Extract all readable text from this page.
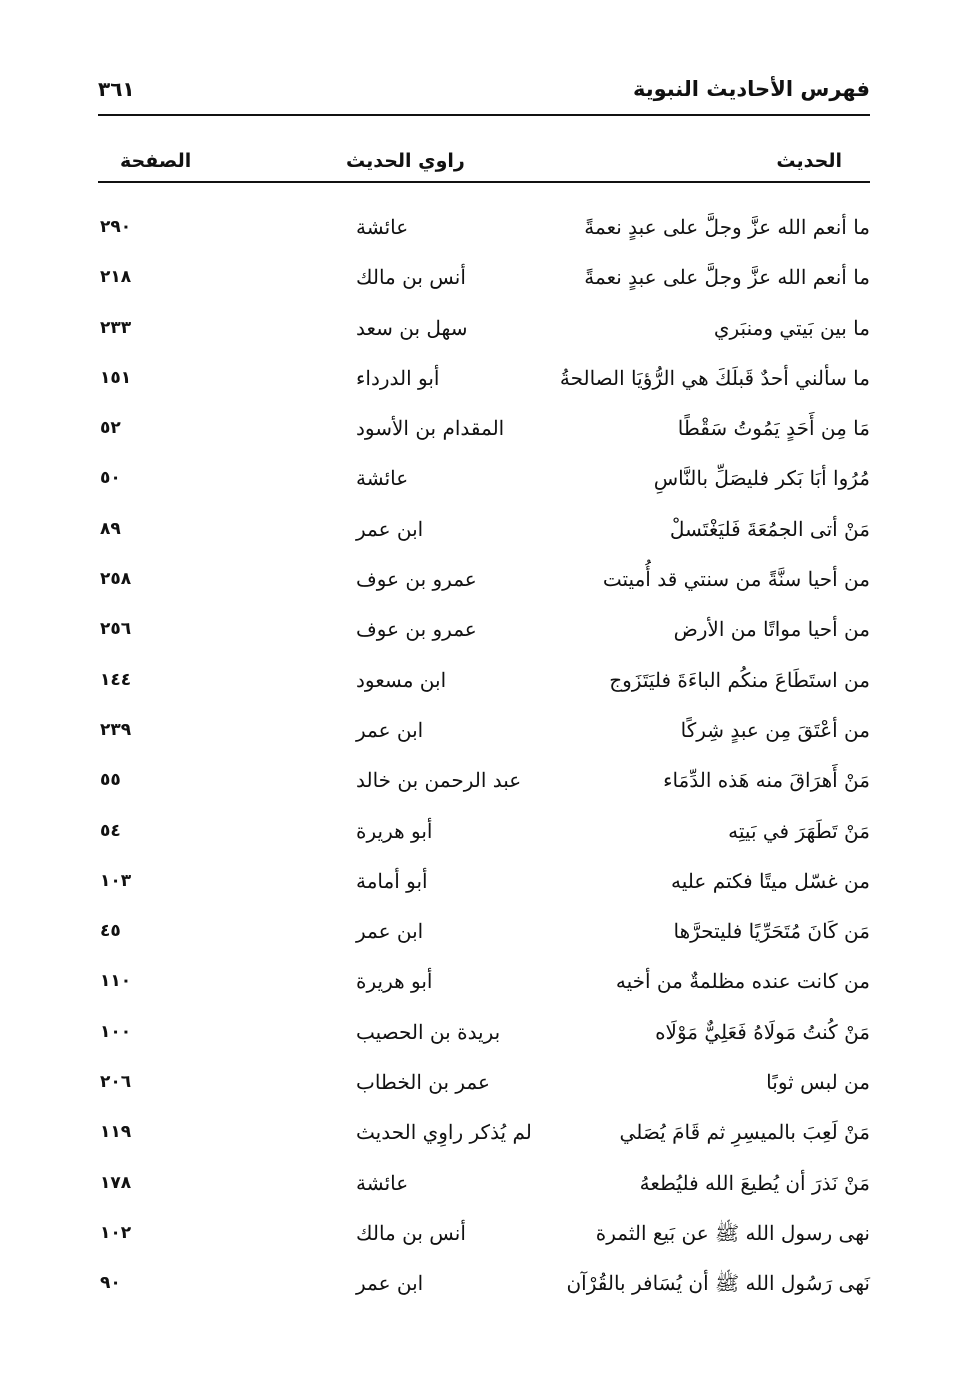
فهرس الأحاديث النبوية
٣٦١
الحديث
راوي الحديث
الصفحة
ما أنعم الله عزَّ وجلَّ على عبدٍ نعمةً
عائشة
٢٩٠
ما أنعم الله عزَّ وجلَّ على عبدٍ نعمةً
أنس بن مالك
٢١٨
ما بين بَيتي ومنبَري
سهل بن سعد
٢٣٣
ما سألني أحدٌ قَبلَكَ هي الرُّؤيَا الصالحةُ
أبو الدرداء
١٥١
مَا مِن أَحَدٍ يَمُوتُ سَقْطًا
المقدام بن الأسود
٥٢
مُرُوا أبَا بَكر فليصَلِّ بالنَّاسِ
عائشة
٥٠
مَنْ أتى الجمُعَةَ فَليَغْتَسلْ
ابن عمر
٨٩
من أحيا سنَّةً من سنتي قد أُميتت
عمرو بن عوف
٢٥٨
من أحيا مواتًا من الأرض
عمرو بن عوف
٢٥٦
من استَطَاعَ منكُم الباءَةَ فليَتَزَوج
ابن مسعود
١٤٤
من أعْتَقَ مِن عبدٍ شِركًا
ابن عمر
٢٣٩
مَنْ أَهرَاقَ منه هَذه الدِّمَاء
عبد الرحمن بن خالد
٥٥
مَنْ تَطَهَرَ في بَيتِه
أبو هريرة
٥٤
من غسّل ميتًا فكتم عليه
أبو أمامة
١٠٣
مَن كَانَ مُتَحَرِّيًا فليتحرَّها
ابن عمر
٤٥
من كانت عنده مظلمةٌ من أخيه
أبو هريرة
١١٠
مَنْ كُنتُ مَولَاهُ فَعَلِيٌّ مَوْلَاه
بريدة بن الحصيب
١٠٠
من لبس ثوبًا
عمر بن الخطاب
٢٠٦
مَنْ لَعِبَ بالميسِرِ ثم قَامَ يُصَلي
لم يُذكر راوِي الحديث
١١٩
مَنْ نَذرَ أن يُطيعَ الله فليُطعهُ
عائشة
١٧٨
نهى رسول الله ﷺ عن بَيع الثمرة
أنس بن مالك
١٠٢
نَهى رَسُول الله ﷺ أن يُسَافر بالقُرْآن
ابن عمر
٩٠
